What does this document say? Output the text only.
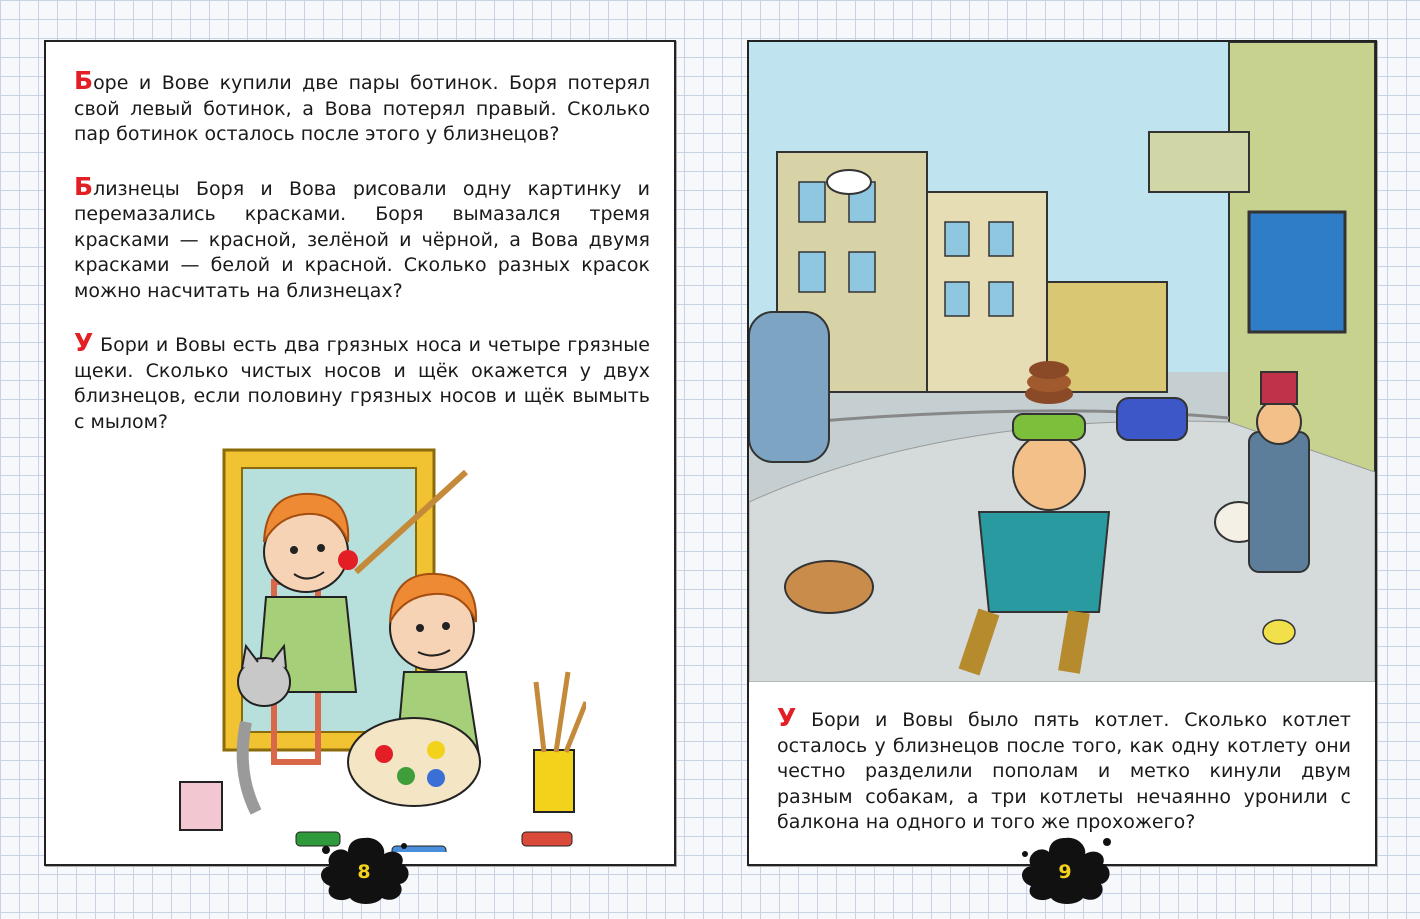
Боре и Вове купили две пары ботинок. Боря потерял свой левый ботинок, а Вова потерял правый. Сколько пар ботинок осталось после этого у близнецов?

Близнецы Боря и Вова рисовали одну картинку и перемазались красками. Боря вымазался тремя красками — красной, зелёной и чёрной, а Вова двумя красками — белой и красной. Сколько разных красок можно насчитать на близнецах?

У Бори и Вовы есть два грязных носа и четыре грязные щеки. Сколько чистых носов и щёк окажется у двух близнецов, если половину грязных носов и щёк вымыть с мылом?

8

У Бори и Вовы было пять котлет. Сколько котлет осталось у близнецов после того, как одну котлету они честно разделили пополам и метко кинули двум разным собакам, а три котлеты нечаянно уронили с балкона на одного и того же прохожего?

9
